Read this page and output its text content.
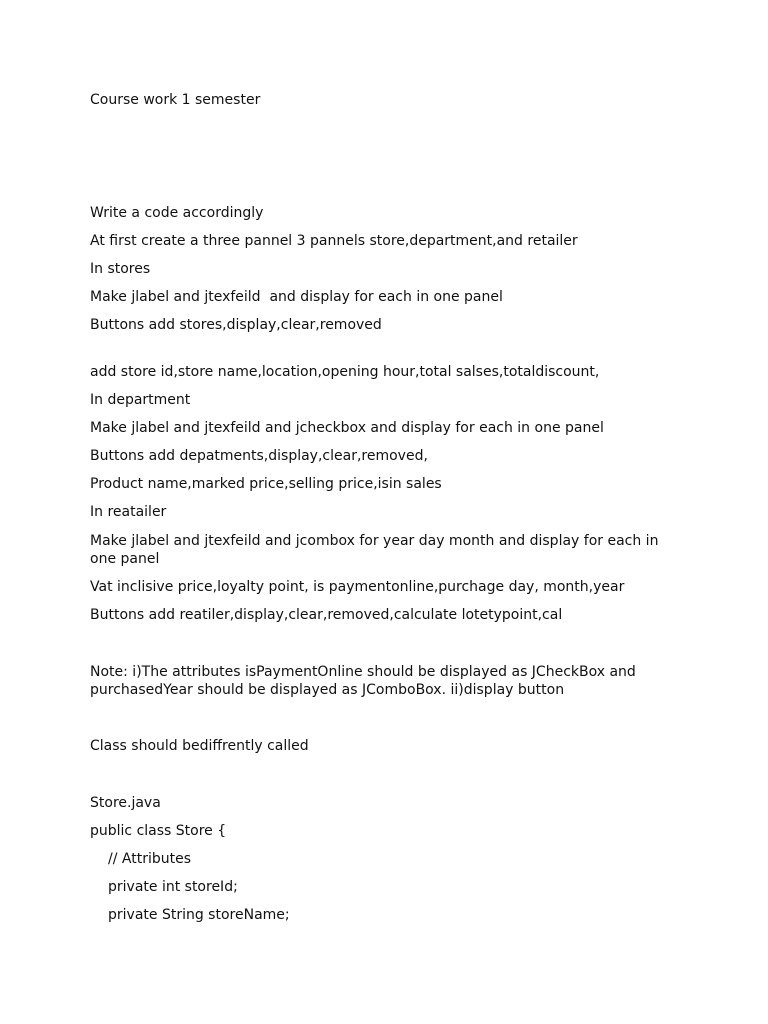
Course work 1 semester
Write a code accordingly
At first create a three pannel 3 pannels store,department,and retailer
In stores
Make jlabel and jtexfeild  and display for each in one panel
Buttons add stores,display,clear,removed
add store id,store name,location,opening hour,total salses,totaldiscount,
In department
Make jlabel and jtexfeild and jcheckbox and display for each in one panel
Buttons add depatments,display,clear,removed,
Product name,marked price,selling price,isin sales
In reatailer
Make jlabel and jtexfeild and jcombox for year day month and display for each in one panel
Vat inclisive price,loyalty point, is paymentonline,purchage day, month,year
Buttons add reatiler,display,clear,removed,calculate lotetypoint,cal
Note: i)The attributes isPaymentOnline should be displayed as JCheckBox and purchasedYear should be displayed as JComboBox. ii)display button
Class should bediffrently called
Store.java
public class Store {
// Attributes
private int storeId;
private String storeName;
